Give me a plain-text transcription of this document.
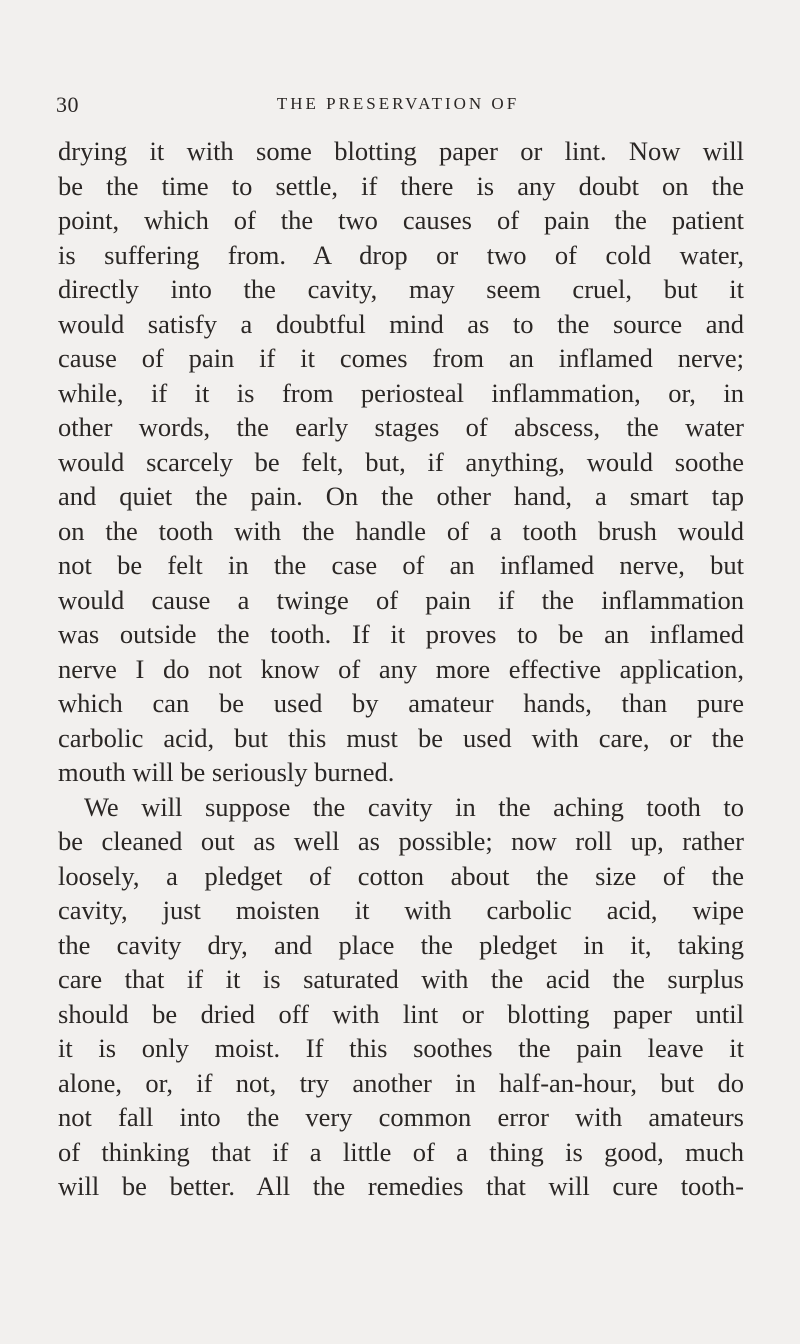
30	THE PRESERVATION OF
drying it with some blotting paper or lint. Now will
be the time to settle, if there is any doubt on the
point, which of the two causes of pain the patient
is suffering from. A drop or two of cold water,
directly into the cavity, may seem cruel, but it
would satisfy a doubtful mind as to the source and
cause of pain if it comes from an inflamed nerve;
while, if it is from periosteal inflammation, or, in
other words, the early stages of abscess, the water
would scarcely be felt, but, if anything, would soothe
and quiet the pain. On the other hand, a smart tap
on the tooth with the handle of a tooth brush would
not be felt in the case of an inflamed nerve, but
would cause a twinge of pain if the inflammation
was outside the tooth. If it proves to be an inflamed
nerve I do not know of any more effective application,
which can be used by amateur hands, than pure
carbolic acid, but this must be used with care, or the
mouth will be seriously burned.
We will suppose the cavity in the aching tooth to
be cleaned out as well as possible; now roll up, rather
loosely, a pledget of cotton about the size of the
cavity, just moisten it with carbolic acid, wipe
the cavity dry, and place the pledget in it, taking
care that if it is saturated with the acid the surplus
should be dried off with lint or blotting paper until
it is only moist. If this soothes the pain leave it
alone, or, if not, try another in half-an-hour, but do
not fall into the very common error with amateurs
of thinking that if a little of a thing is good, much
will be better. All the remedies that will cure tooth-
